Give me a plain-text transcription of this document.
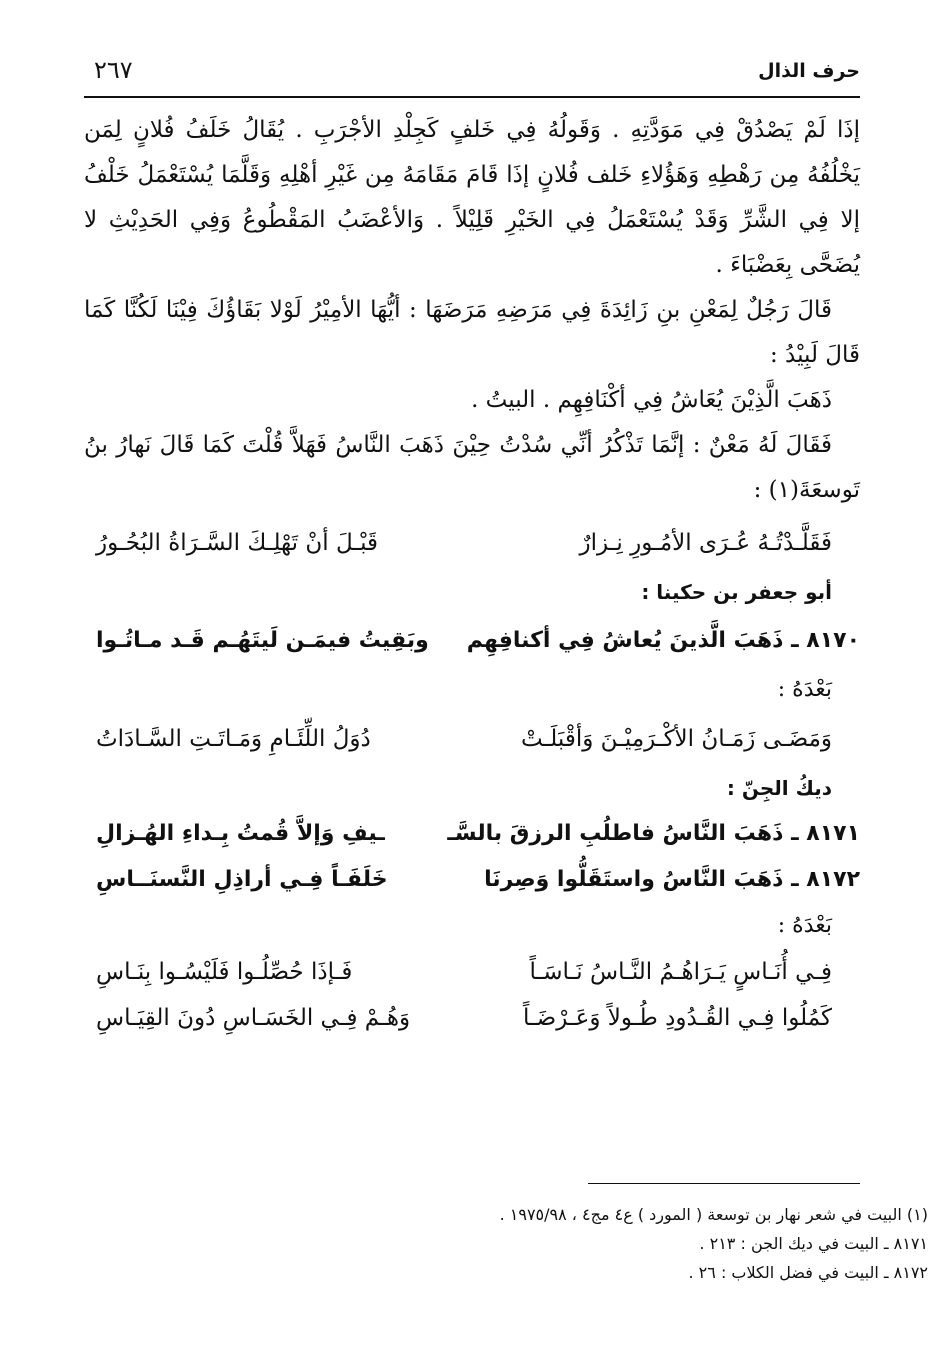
حرف الذال
٢٦٧

إذَا لَمْ يَصْدُقْ فِي مَوَدَّتِهِ . وَقَولُهُ فِي خَلفٍ كَجِلْدِ الأجْرَبِ . يُقَالُ خَلَفُ فُلانٍ لِمَن يَخْلُفُهُ مِن رَهْطِهِ وَهَؤُلاءِ خَلف فُلانٍ إذَا قَامَ مَقَامَهُ مِن غَيْرِ أهْلِهِ وَقَلَّمَا يُسْتَعْمَلُ خَلْفُ إلا فِي الشَّرِّ وَقَدْ يُسْتَعْمَلُ فِي الخَيْرِ قَلِيْلاً . وَالأعْضَبُ المَقْطُوعُ وَفِي الحَدِيْثِ لا يُضَحَّى بِعَضْبَاءَ .

قَالَ رَجُلٌ لِمَعْنِ بنِ زَائِدَةَ فِي مَرَضِهِ مَرَضَهَا : أيُّهَا الأمِيْرُ لَوْلا بَقَاؤُكَ فِيْنَا لَكُنَّا كَمَا قَالَ لَبِيْدُ :

ذَهَبَ الَّذِيْنَ يُعَاشُ فِي أكْنَافِهِم . البيتُ .

فَقَالَ لَهُ مَعْنٌ : إنَّمَا تَذْكُرُ أنِّي سُدْتُ حِيْنَ ذَهَبَ النَّاسُ فَهَلاَّ قُلْتَ كَمَا قَالَ نَهارُ بنُ تَوسعَةَ(١) :

فَقَلَّـدْتُـهُ عُـرَى الأمُـورِ نِـزارٌ
قَبْـلَ أنْ تَهْلِـكَ السَّـرَاةُ البُحُـورُ

أبو جعفر بن حكينا :

٨١٧٠ ـ ذَهَبَ الَّذينَ يُعاشُ فِي أكنافِهِم
وبَقِيتُ فيمَـن لَيتَهُـم قَـد مـاتُـوا

بَعْدَهُ :

وَمَضَـى زَمَـانُ الأكْـرَمِيْـنَ وَأقْبَلَـتْ
دُوَلُ اللِّئَـامِ وَمَـاتَـتِ السَّـادَاتُ

ديكُ الجِنّ :

٨١٧١ ـ ذَهَبَ النَّاسُ فاطلُبِ الرزقَ بالسَّـ
ـيفِ وَإلاَّ قُمتُ بِـداءِ الهُـزالِ
٨١٧٢ ـ ذَهَبَ النَّاسُ واستَقَلُّوا وَصِرنَا
خَلَفَـاً فِـي أراذِلِ النَّسنَــاسِ

بَعْدَهُ :

فِـي أُنَـاسٍ يَـرَاهُـمُ النَّـاسُ نَـاسَـاً
فَـإذَا حُصِّلُـوا فَلَيْسُـوا بِنَـاسِ
كَمُلُوا فِـي القُـدُودِ طُـولاً وَعَـرْضَـاً
وَهُـمْ فِـي الخَسَـاسِ دُونَ القِيَـاسِ

(١) البيت في شعر نهار بن توسعة ( المورد ) ع٤ مج٤ ، ١٩٧٥/٩٨ .

٨١٧١ ـ البيت في ديك الجن : ٢١٣ .

٨١٧٢ ـ البيت في فضل الكلاب : ٢٦ .
